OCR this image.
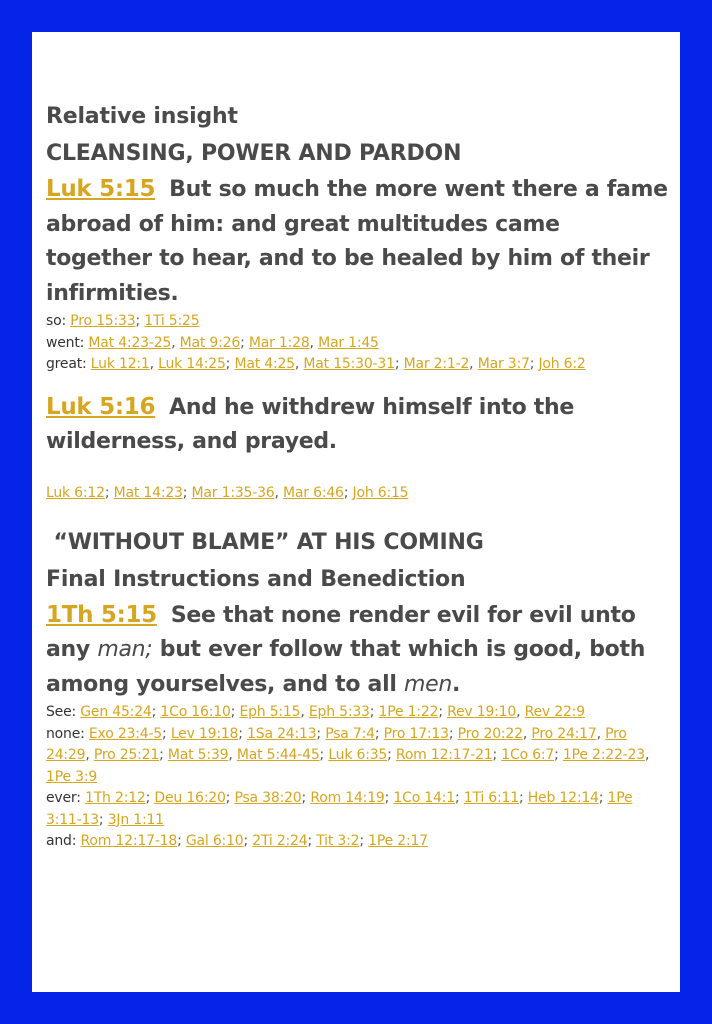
Relative insight
CLEANSING, POWER AND PARDON
Luk 5:15 But so much the more went there a fame abroad of him: and great multitudes came together to hear, and to be healed by him of their infirmities.
so: Pro 15:33; 1Ti 5:25
went: Mat 4:23-25, Mat 9:26; Mar 1:28, Mar 1:45
great: Luk 12:1, Luk 14:25; Mat 4:25, Mat 15:30-31; Mar 2:1-2, Mar 3:7; Joh 6:2
Luk 5:16 And he withdrew himself into the wilderness, and prayed.
Luk 6:12; Mat 14:23; Mar 1:35-36, Mar 6:46; Joh 6:15
“WITHOUT BLAME” AT HIS COMING
Final Instructions and Benediction
1Th 5:15 See that none render evil for evil unto any man; but ever follow that which is good, both among yourselves, and to all men.
See: Gen 45:24; 1Co 16:10; Eph 5:15, Eph 5:33; 1Pe 1:22; Rev 19:10, Rev 22:9
none: Exo 23:4-5; Lev 19:18; 1Sa 24:13; Psa 7:4; Pro 17:13; Pro 20:22, Pro 24:17, Pro 24:29, Pro 25:21; Mat 5:39, Mat 5:44-45; Luk 6:35; Rom 12:17-21; 1Co 6:7; 1Pe 2:22-23, 1Pe 3:9
ever: 1Th 2:12; Deu 16:20; Psa 38:20; Rom 14:19; 1Co 14:1; 1Ti 6:11; Heb 12:14; 1Pe 3:11-13; 3Jn 1:11
and: Rom 12:17-18; Gal 6:10; 2Ti 2:24; Tit 3:2; 1Pe 2:17
